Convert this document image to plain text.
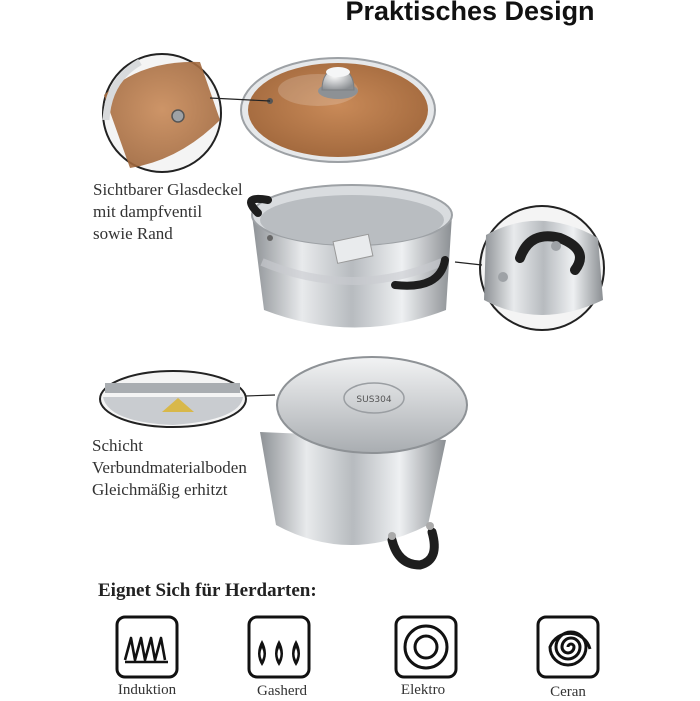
SUS304
Praktisches Design
Sichtbarer Glasdeckel
mit dampfventil
sowie Rand
Schicht
Verbundmaterialboden
Gleichmäßig erhitzt
Eignet Sich für Herdarten:
Induktion	Gasherd	Elektro	Ceran
